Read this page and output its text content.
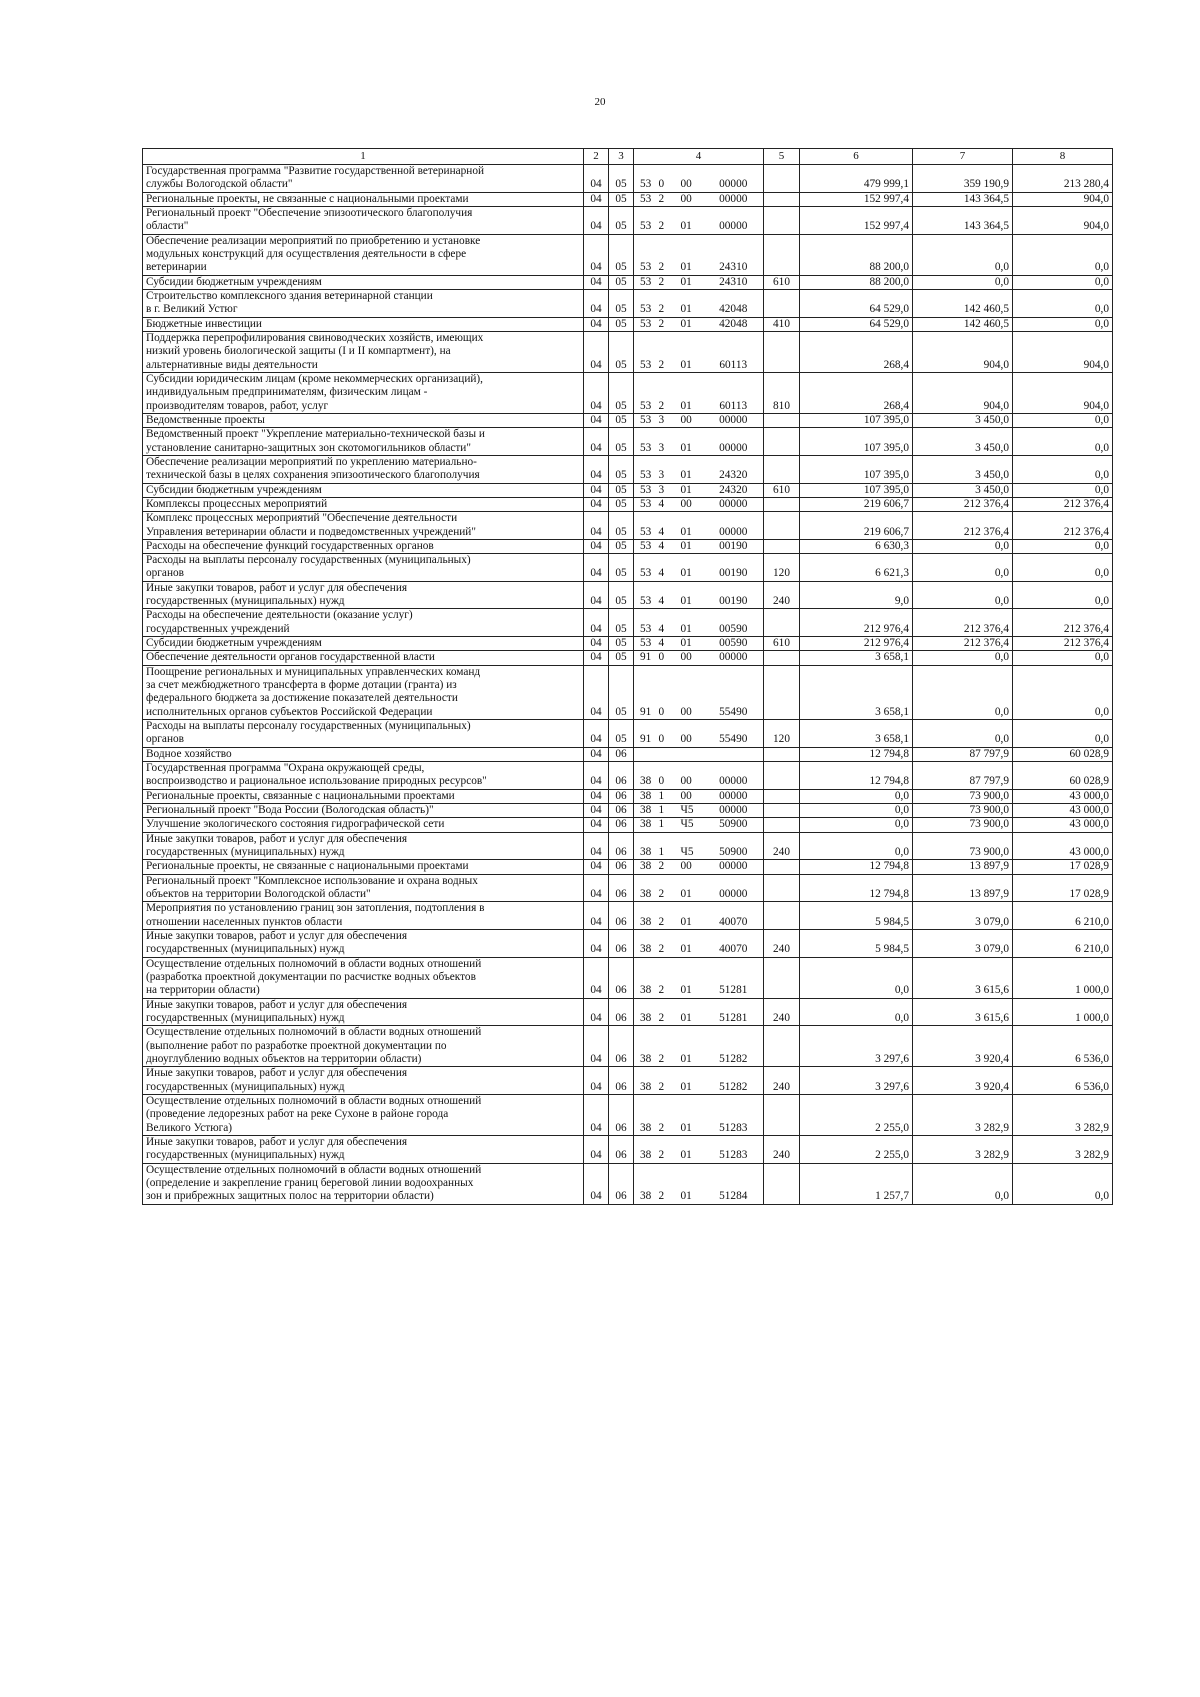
20
1	2	3	4				5	6	7	8
Государственная программа "Развитие государственной ветеринарной
службы Вологодской области"	04	05	53	0	00	00000		479 999,1	359 190,9	213 280,4
Региональные проекты, не связанные с национальными проектами	04	05	53	2	00	00000		152 997,4	143 364,5	904,0
Региональный проект "Обеспечение эпизоотического благополучия
области"	04	05	53	2	01	00000		152 997,4	143 364,5	904,0
Обеспечение реализации мероприятий по приобретению и установке
модульных конструкций для осуществления деятельности в сфере
ветеринарии	04	05	53	2	01	24310		88 200,0	0,0	0,0
Субсидии бюджетным учреждениям	04	05	53	2	01	24310	610	88 200,0	0,0	0,0
Строительство комплексного здания ветеринарной станции
в г. Великий Устюг	04	05	53	2	01	42048		64 529,0	142 460,5	0,0
Бюджетные инвестиции	04	05	53	2	01	42048	410	64 529,0	142 460,5	0,0
Поддержка перепрофилирования свиноводческих хозяйств, имеющих
низкий уровень биологической защиты (I и II компартмент), на
альтернативные виды деятельности	04	05	53	2	01	60113		268,4	904,0	904,0
Субсидии юридическим лицам (кроме некоммерческих организаций),
индивидуальным предпринимателям, физическим лицам -
производителям товаров, работ, услуг	04	05	53	2	01	60113	810	268,4	904,0	904,0
Ведомственные проекты	04	05	53	3	00	00000		107 395,0	3 450,0	0,0
Ведомственный проект "Укрепление материально-технической базы и
установление санитарно-защитных зон скотомогильников области"	04	05	53	3	01	00000		107 395,0	3 450,0	0,0
Обеспечение реализации мероприятий по укреплению материально-
технической базы в целях сохранения эпизоотического благополучия	04	05	53	3	01	24320		107 395,0	3 450,0	0,0
Субсидии бюджетным учреждениям	04	05	53	3	01	24320	610	107 395,0	3 450,0	0,0
Комплексы процессных мероприятий	04	05	53	4	00	00000		219 606,7	212 376,4	212 376,4
Комплекс процессных мероприятий "Обеспечение деятельности
Управления ветеринарии области и подведомственных учреждений"	04	05	53	4	01	00000		219 606,7	212 376,4	212 376,4
Расходы на обеспечение функций государственных органов	04	05	53	4	01	00190		6 630,3	0,0	0,0
Расходы на выплаты персоналу государственных (муниципальных)
органов	04	05	53	4	01	00190	120	6 621,3	0,0	0,0
Иные закупки товаров, работ и услуг для обеспечения
государственных (муниципальных) нужд	04	05	53	4	01	00190	240	9,0	0,0	0,0
Расходы на обеспечение деятельности (оказание услуг)
государственных учреждений	04	05	53	4	01	00590		212 976,4	212 376,4	212 376,4
Субсидии бюджетным учреждениям	04	05	53	4	01	00590	610	212 976,4	212 376,4	212 376,4
Обеспечение деятельности органов государственной власти	04	05	91	0	00	00000		3 658,1	0,0	0,0
Поощрение региональных и муниципальных управленческих команд
за счет межбюджетного трансферта в форме дотации (гранта) из
федерального бюджета за достижение показателей деятельности
исполнительных органов субъектов Российской Федерации	04	05	91	0	00	55490		3 658,1	0,0	0,0
Расходы на выплаты персоналу государственных (муниципальных)
органов	04	05	91	0	00	55490	120	3 658,1	0,0	0,0
Водное хозяйство	04	06						12 794,8	87 797,9	60 028,9
Государственная программа "Охрана окружающей среды,
воспроизводство и рациональное использование природных ресурсов"	04	06	38	0	00	00000		12 794,8	87 797,9	60 028,9
Региональные проекты, связанные с национальными проектами	04	06	38	1	00	00000		0,0	73 900,0	43 000,0
Региональный проект "Вода России (Вологодская область)"	04	06	38	1	Ч5	00000		0,0	73 900,0	43 000,0
Улучшение экологического состояния гидрографической сети	04	06	38	1	Ч5	50900		0,0	73 900,0	43 000,0
Иные закупки товаров, работ и услуг для обеспечения
государственных (муниципальных) нужд	04	06	38	1	Ч5	50900	240	0,0	73 900,0	43 000,0
Региональные проекты, не связанные с национальными проектами	04	06	38	2	00	00000		12 794,8	13 897,9	17 028,9
Региональный проект "Комплексное использование и охрана водных
объектов на территории Вологодской области"	04	06	38	2	01	00000		12 794,8	13 897,9	17 028,9
Мероприятия по установлению границ зон затопления, подтопления в
отношении населенных пунктов области	04	06	38	2	01	40070		5 984,5	3 079,0	6 210,0
Иные закупки товаров, работ и услуг для обеспечения
государственных (муниципальных) нужд	04	06	38	2	01	40070	240	5 984,5	3 079,0	6 210,0
Осуществление отдельных полномочий в области водных отношений
(разработка проектной документации по расчистке водных объектов
на территории области)	04	06	38	2	01	51281		0,0	3 615,6	1 000,0
Иные закупки товаров, работ и услуг для обеспечения
государственных (муниципальных) нужд	04	06	38	2	01	51281	240	0,0	3 615,6	1 000,0
Осуществление отдельных полномочий в области водных отношений
(выполнение работ по разработке проектной документации по
дноуглублению водных объектов на территории области)	04	06	38	2	01	51282		3 297,6	3 920,4	6 536,0
Иные закупки товаров, работ и услуг для обеспечения
государственных (муниципальных) нужд	04	06	38	2	01	51282	240	3 297,6	3 920,4	6 536,0
Осуществление отдельных полномочий в области водных отношений
(проведение ледорезных работ на реке Сухоне в районе города
Великого Устюга)	04	06	38	2	01	51283		2 255,0	3 282,9	3 282,9
Иные закупки товаров, работ и услуг для обеспечения
государственных (муниципальных) нужд	04	06	38	2	01	51283	240	2 255,0	3 282,9	3 282,9
Осуществление отдельных полномочий в области водных отношений
(определение и закрепление границ береговой линии водоохранных
зон и прибрежных защитных полос на территории области)	04	06	38	2	01	51284		1 257,7	0,0	0,0
